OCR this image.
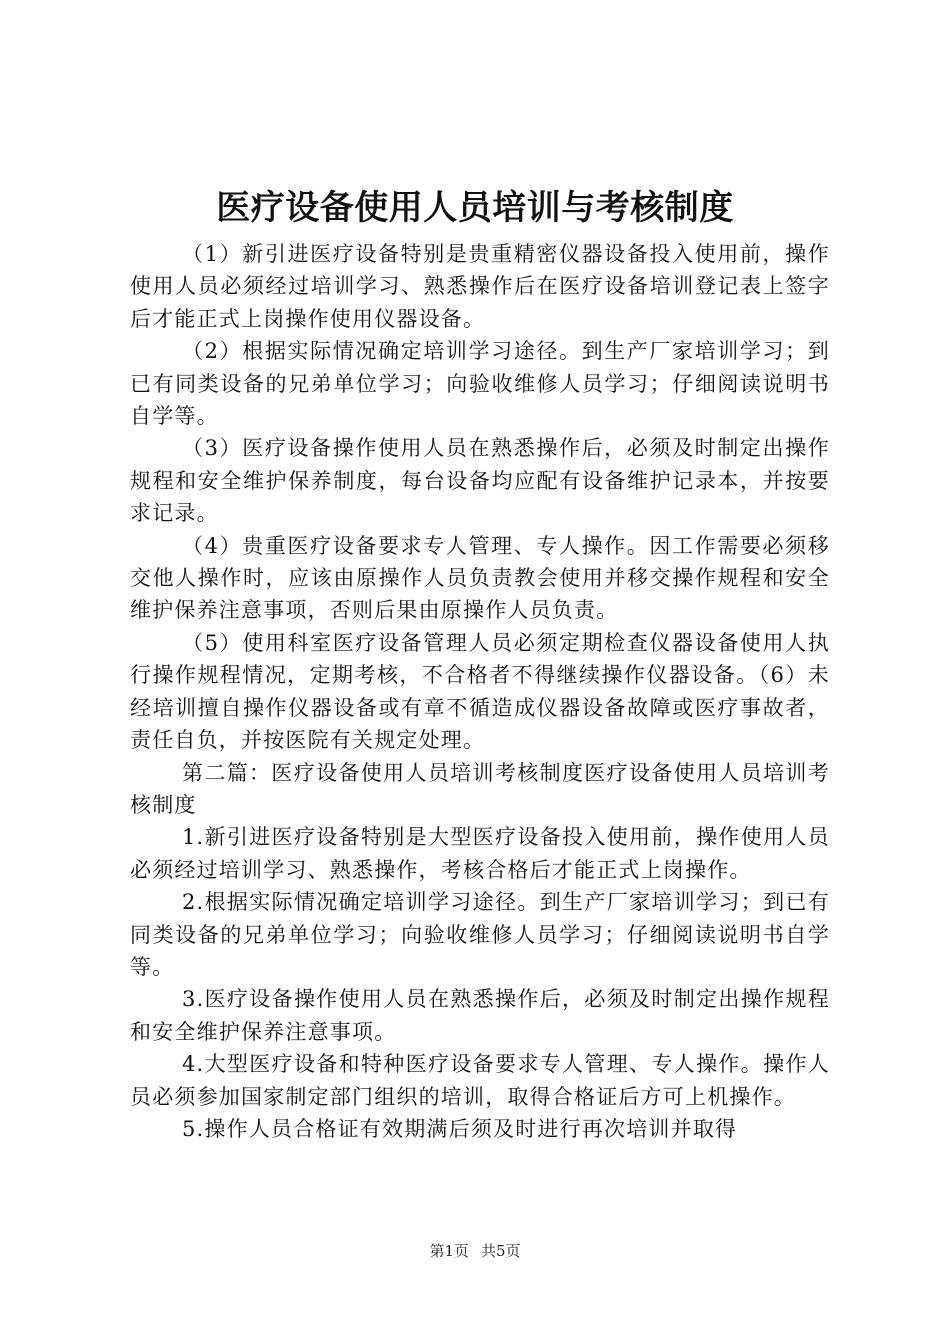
医疗设备使用人员培训与考核制度

（1）新引进医疗设备特别是贵重精密仪器设备投入使用前，操作使用人员必须经过培训学习、熟悉操作后在医疗设备培训登记表上签字后才能正式上岗操作使用仪器设备。

（2）根据实际情况确定培训学习途径。到生产厂家培训学习；到已有同类设备的兄弟单位学习；向验收维修人员学习；仔细阅读说明书自学等。

（3）医疗设备操作使用人员在熟悉操作后，必须及时制定出操作规程和安全维护保养制度，每台设备均应配有设备维护记录本，并按要求记录。

（4）贵重医疗设备要求专人管理、专人操作。因工作需要必须移交他人操作时，应该由原操作人员负责教会使用并移交操作规程和安全维护保养注意事项，否则后果由原操作人员负责。

（5）使用科室医疗设备管理人员必须定期检查仪器设备使用人执行操作规程情况，定期考核，不合格者不得继续操作仪器设备。（6）未经培训擅自操作仪器设备或有章不循造成仪器设备故障或医疗事故者，责任自负，并按医院有关规定处理。

第二篇：医疗设备使用人员培训考核制度医疗设备使用人员培训考核制度

1.新引进医疗设备特别是大型医疗设备投入使用前，操作使用人员必须经过培训学习、熟悉操作，考核合格后才能正式上岗操作。

2.根据实际情况确定培训学习途径。到生产厂家培训学习；到已有同类设备的兄弟单位学习；向验收维修人员学习；仔细阅读说明书自学等。

3.医疗设备操作使用人员在熟悉操作后，必须及时制定出操作规程和安全维护保养注意事项。

4.大型医疗设备和特种医疗设备要求专人管理、专人操作。操作人员必须参加国家制定部门组织的培训，取得合格证后方可上机操作。

5.操作人员合格证有效期满后须及时进行再次培训并取得

第1页 共5页
